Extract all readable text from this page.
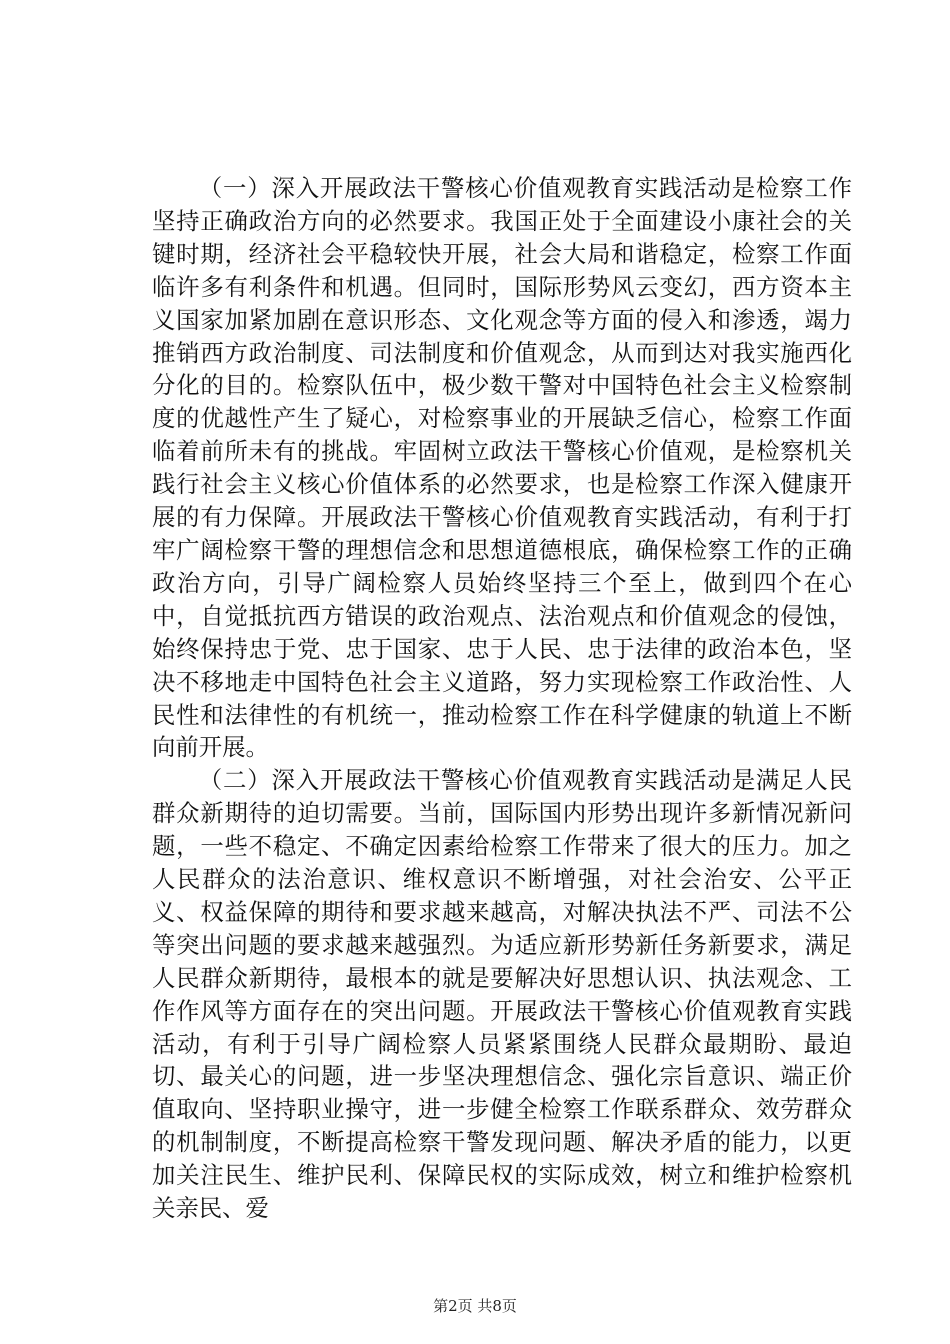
（一）深入开展政法干警核心价值观教育实践活动是检察工作坚持正确政治方向的必然要求。我国正处于全面建设小康社会的关键时期，经济社会平稳较快开展，社会大局和谐稳定，检察工作面临许多有利条件和机遇。但同时，国际形势风云变幻，西方资本主义国家加紧加剧在意识形态、文化观念等方面的侵入和渗透，竭力推销西方政治制度、司法制度和价值观念，从而到达对我实施西化分化的目的。检察队伍中，极少数干警对中国特色社会主义检察制度的优越性产生了疑心，对检察事业的开展缺乏信心，检察工作面临着前所未有的挑战。牢固树立政法干警核心价值观，是检察机关践行社会主义核心价值体系的必然要求，也是检察工作深入健康开展的有力保障。开展政法干警核心价值观教育实践活动，有利于打牢广阔检察干警的理想信念和思想道德根底，确保检察工作的正确政治方向，引导广阔检察人员始终坚持三个至上，做到四个在心中，自觉抵抗西方错误的政治观点、法治观点和价值观念的侵蚀，始终保持忠于党、忠于国家、忠于人民、忠于法律的政治本色，坚决不移地走中国特色社会主义道路，努力实现检察工作政治性、人民性和法律性的有机统一，推动检察工作在科学健康的轨道上不断向前开展。

（二）深入开展政法干警核心价值观教育实践活动是满足人民群众新期待的迫切需要。当前，国际国内形势出现许多新情况新问题，一些不稳定、不确定因素给检察工作带来了很大的压力。加之人民群众的法治意识、维权意识不断增强，对社会治安、公平正义、权益保障的期待和要求越来越高，对解决执法不严、司法不公等突出问题的要求越来越强烈。为适应新形势新任务新要求，满足人民群众新期待，最根本的就是要解决好思想认识、执法观念、工作作风等方面存在的突出问题。开展政法干警核心价值观教育实践活动，有利于引导广阔检察人员紧紧围绕人民群众最期盼、最迫切、最关心的问题，进一步坚决理想信念、强化宗旨意识、端正价值取向、坚持职业操守，进一步健全检察工作联系群众、效劳群众的机制制度，不断提高检察干警发现问题、解决矛盾的能力，以更加关注民生、维护民利、保障民权的实际成效，树立和维护检察机关亲民、爱

第2页 共8页
